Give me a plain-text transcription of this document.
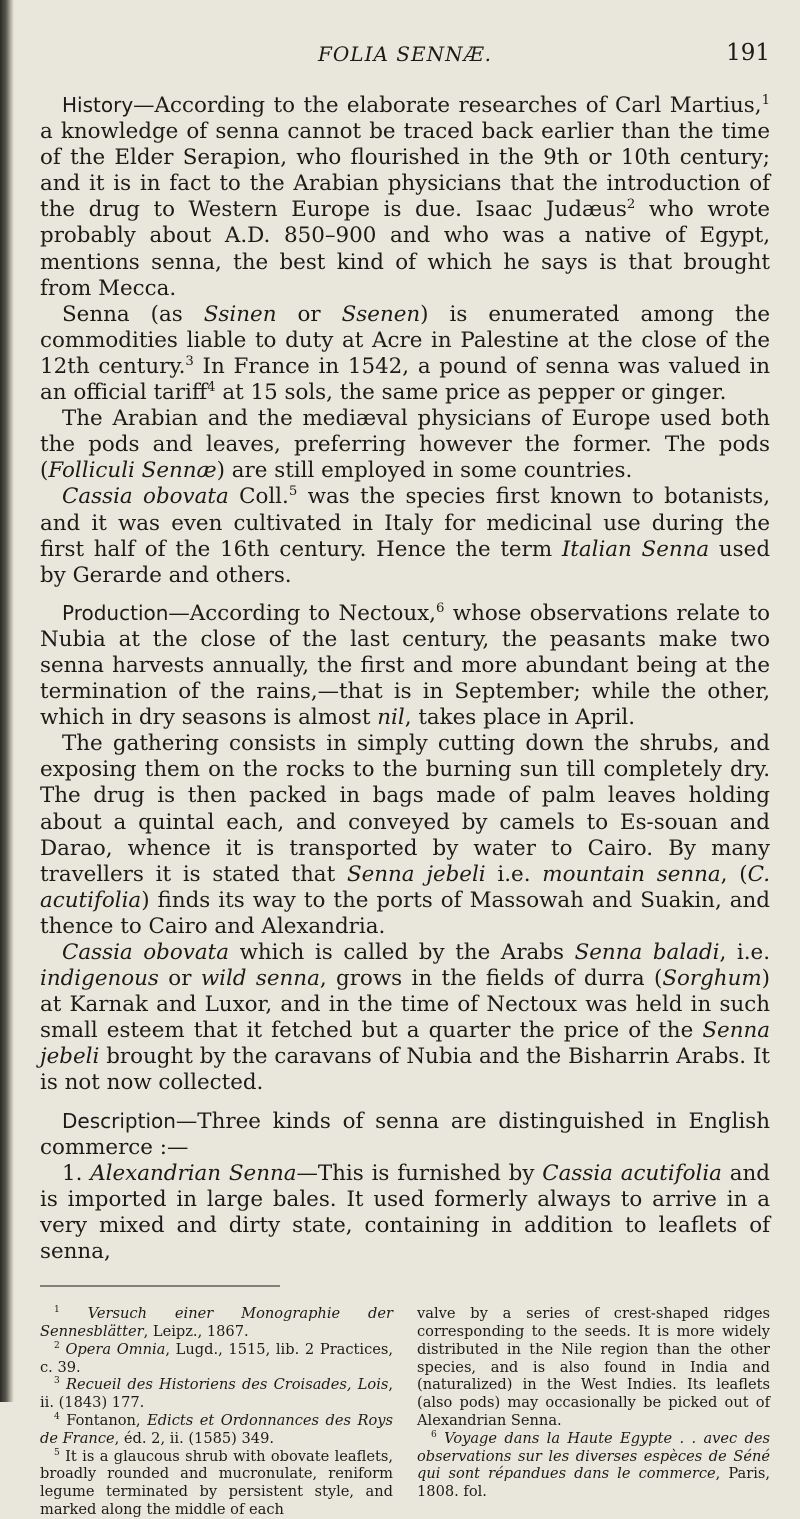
FOLIA SENNÆ.	191

History—According to the elaborate researches of Carl Martius,$^1$ a knowledge of senna cannot be traced back earlier than the time of the Elder Serapion, who flourished in the 9th or 10th century; and it is in fact to the Arabian physicians that the introduction of the drug to Western Europe is due. Isaac Judæus$^2$ who wrote probably about A.D. 850–900 and who was a native of Egypt, mentions senna, the best kind of which he says is that brought from Mecca.

Senna (as Ssinen or Ssenen) is enumerated among the commodities liable to duty at Acre in Palestine at the close of the 12th century.$^3$ In France in 1542, a pound of senna was valued in an official tariff$^4$ at 15 sols, the same price as pepper or ginger.

The Arabian and the mediæval physicians of Europe used both the pods and leaves, preferring however the former. The pods (Folliculi Sennæ) are still employed in some countries.

Cassia obovata Coll.$^5$ was the species first known to botanists, and it was even cultivated in Italy for medicinal use during the first half of the 16th century. Hence the term Italian Senna used by Gerarde and others.

Production—According to Nectoux,$^6$ whose observations relate to Nubia at the close of the last century, the peasants make two senna harvests annually, the first and more abundant being at the termination of the rains,—that is in September; while the other, which in dry seasons is almost nil, takes place in April.

The gathering consists in simply cutting down the shrubs, and exposing them on the rocks to the burning sun till completely dry. The drug is then packed in bags made of palm leaves holding about a quintal each, and conveyed by camels to Es-souan and Darao, whence it is transported by water to Cairo. By many travellers it is stated that Senna jebeli i.e. mountain senna, (C. acutifolia) finds its way to the ports of Massowah and Suakin, and thence to Cairo and Alexandria.

Cassia obovata which is called by the Arabs Senna baladi, i.e. indigenous or wild senna, grows in the fields of durra (Sorghum) at Karnak and Luxor, and in the time of Nectoux was held in such small esteem that it fetched but a quarter the price of the Senna jebeli brought by the caravans of Nubia and the Bisharrin Arabs. It is not now collected.

Description—Three kinds of senna are distinguished in English commerce :—

1. Alexandrian Senna—This is furnished by Cassia acutifolia and is imported in large bales. It used formerly always to arrive in a very mixed and dirty state, containing in addition to leaflets of senna,

$^1$ Versuch einer Monographie der Sennesblätter, Leipz., 1867.

$^2$ Opera Omnia, Lugd., 1515, lib. 2 Practices, c. 39.

$^3$ Recueil des Historiens des Croisades, Lois, ii. (1843) 177.

$^4$ Fontanon, Edicts et Ordonnances des Roys de France, éd. 2, ii. (1585) 349.

$^5$ It is a glaucous shrub with obovate leaflets, broadly rounded and mucronulate, reniform legume terminated by persistent style, and marked along the middle of each

valve by a series of crest-shaped ridges corresponding to the seeds. It is more widely distributed in the Nile region than the other species, and is also found in India and (naturalized) in the West Indies. Its leaflets (also pods) may occasionally be picked out of Alexandrian Senna.

$^6$ Voyage dans la Haute Egypte . . avec des observations sur les diverses espèces de Séné qui sont répandues dans le commerce, Paris, 1808. fol.
